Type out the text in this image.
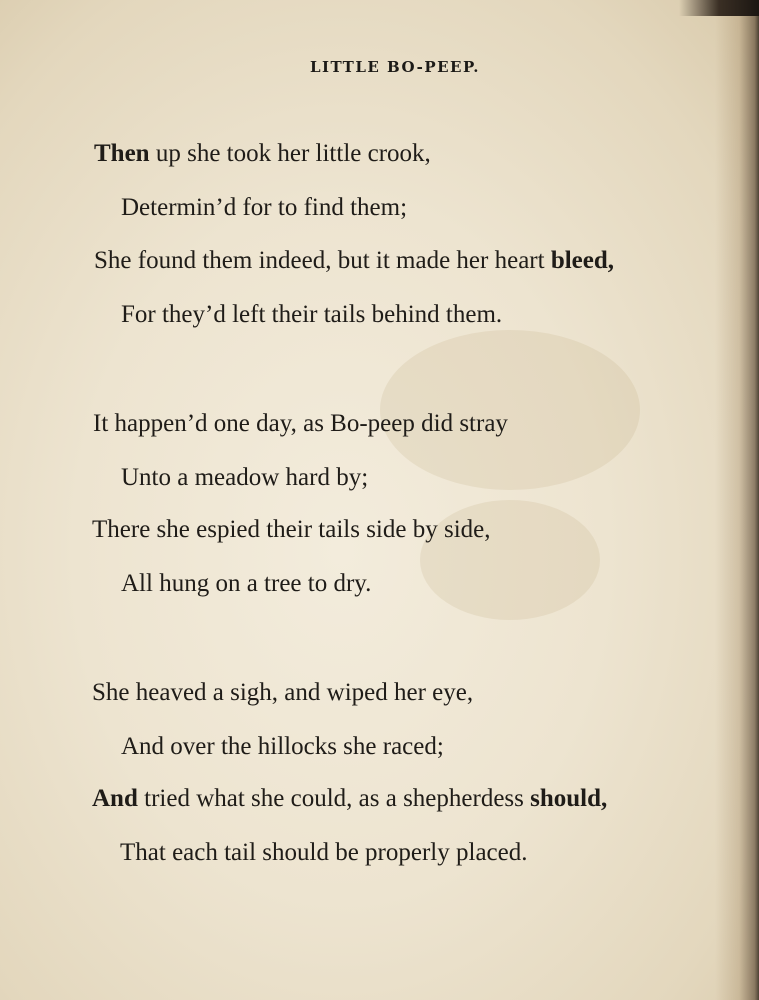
LITTLE BO-PEEP.
Then up she took her little crook,
Determin’d for to find them;
She found them indeed, but it made her heart bleed,
For they’d left their tails behind them.
It happen’d one day, as Bo-peep did stray
Unto a meadow hard by;
There she espied their tails side by side,
All hung on a tree to dry.
She heaved a sigh, and wiped her eye,
And over the hillocks she raced;
And tried what she could, as a shepherdess should,
That each tail should be properly placed.
